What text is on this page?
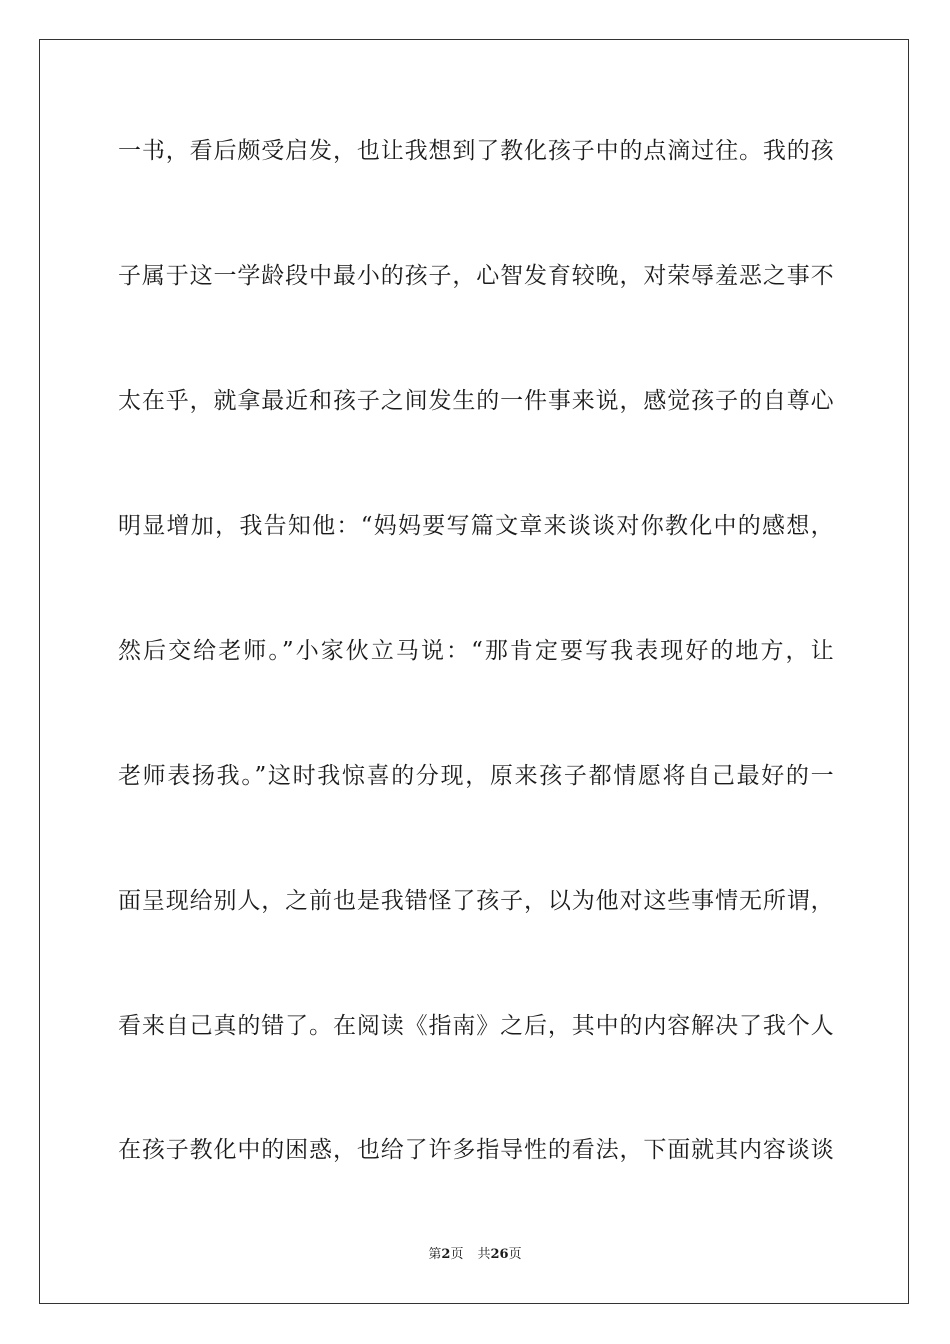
一书，看后颇受启发，也让我想到了教化孩子中的点滴过往。我的孩
子属于这一学龄段中最小的孩子，心智发育较晚，对荣辱羞恶之事不
太在乎，就拿最近和孩子之间发生的一件事来说，感觉孩子的自尊心
明显增加，我告知他：“妈妈要写篇文章来谈谈对你教化中的感想，
然后交给老师。”小家伙立马说：“那肯定要写我表现好的地方，让
老师表扬我。”这时我惊喜的分现，原来孩子都情愿将自己最好的一
面呈现给别人，之前也是我错怪了孩子，以为他对这些事情无所谓，
看来自己真的错了。在阅读《指南》之后，其中的内容解决了我个人
在孩子教化中的困惑，也给了许多指导性的看法，下面就其内容谈谈
第2页 共26页
